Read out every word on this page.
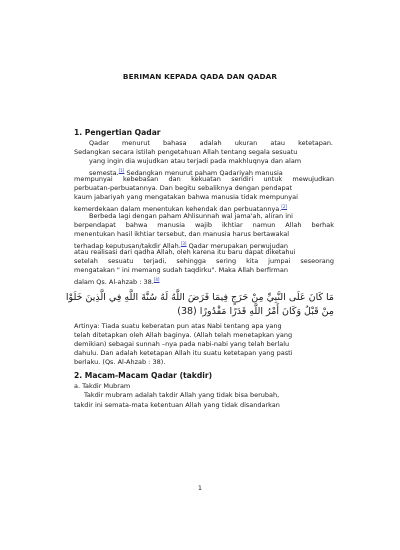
BERIMAN KEPADA QADA DAN QADAR
1. Pengertian Qadar
Qadar menurut bahasa adalah ukuran atau ketetapan.
Sedangkan secara istilah pengetahuan Allah tentang segala sesuatu
yang ingin dia wujudkan atau terjadi pada makhluqnya dan alam
semesta.[1] Sedangkan menurut paham Qadariyah manusia
mempunyai kebebasan dan kekuatan sendiri untuk mewujudkan
perbuatan-perbuatannya. Dan begitu sebaliknya dengan pendapat
kaum jabariyah yang mengatakan bahwa manusia tidak mempunyai
kemerdekaan dalam menentukan kehendak dan perbuatannya.[2]
Berbeda lagi dengan paham Ahlisunnah wal jama'ah, aliran ini
berpendapat bahwa manusia wajib ikhtiar namun Allah berhak
menentukan hasil ikhtiar tersebut, dan manusia harus bertawakal
terhadap keputusan/takdir Allah.[3] Qadar merupakan perwujudan
atau realisasi dari qadha Allah, oleh karena itu baru dapat diketahui
setelah sesuatu terjadi, sehingga sering kita jumpai seseorang
mengatakan " ini memang sudah taqdirku". Maka Allah berfirman
dalam Qs. Al-ahzab : 38.[4]
مَا كَانَ عَلَى النَّبِيِّ مِنْ حَرَجٍ فِيمَا فَرَضَ اللَّهُ لَهُ سُنَّةَ اللَّهِ فِي الَّذِينَ خَلَوْا
مِنْ قَبْلُ وَكَانَ أَمْرُ اللَّهِ قَدَرًا مَقْدُورًا (38)
Artinya: Tiada suatu keberatan pun atas Nabi tentang apa yang
telah ditetapkan oleh Allah baginya. (Allah telah menetapkan yang
demikian) sebagai sunnah –nya pada nabi-nabi yang telah berlalu
dahulu. Dan adalah ketetapan Allah itu suatu ketetapan yang pasti
berlaku. (Qs. Al-Ahzab : 38).
2. Macam-Macam Qadar (takdir)
a. Takdir Mubram
Takdir mubram adalah takdir Allah yang tidak bisa berubah,
takdir ini semata-mata ketentuan Allah yang tidak disandarkan
1
